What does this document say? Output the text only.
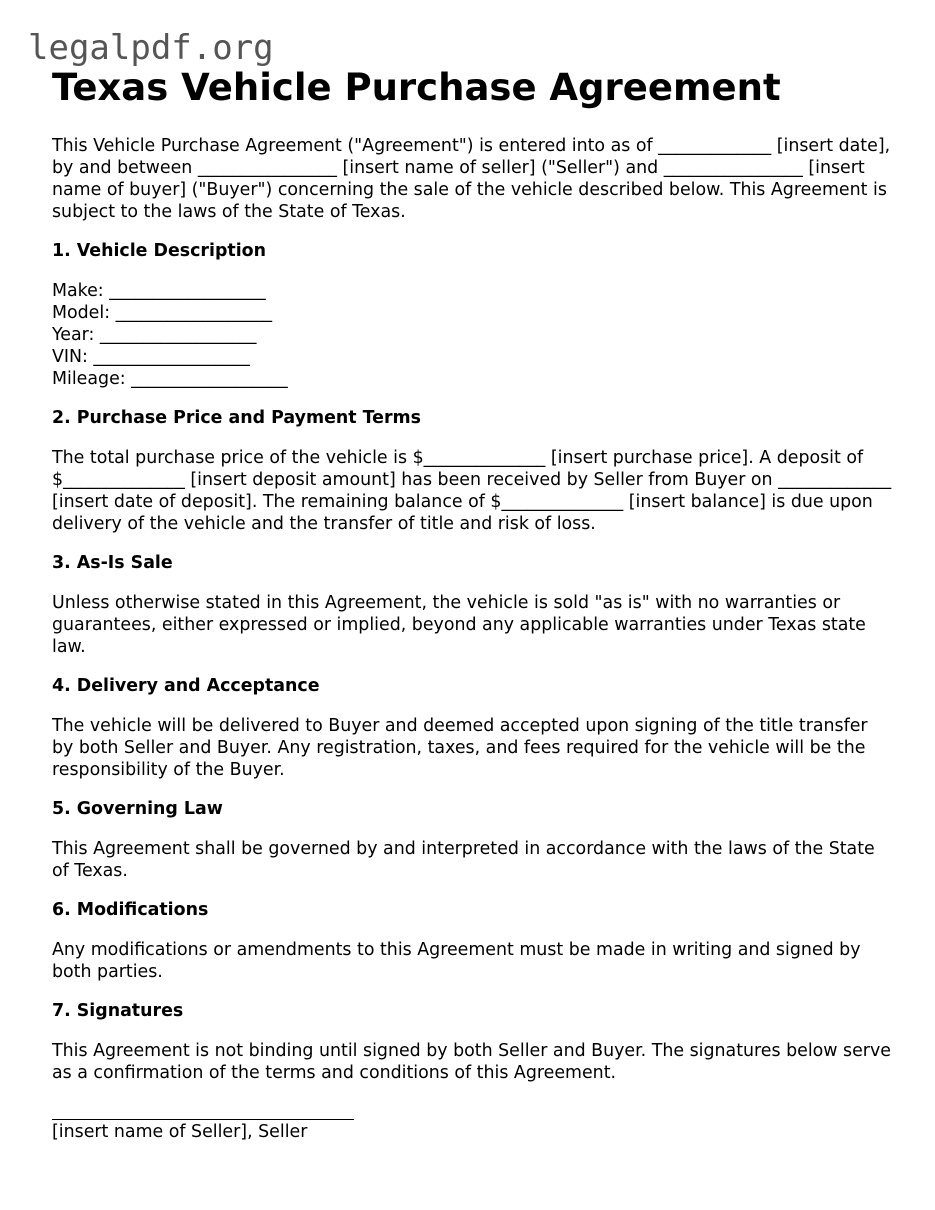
legalpdf.org
Texas Vehicle Purchase Agreement

This Vehicle Purchase Agreement ("Agreement") is entered into as of _____________ [insert date], by and between ________________ [insert name of seller] ("Seller") and ________________ [insert name of buyer] ("Buyer") concerning the sale of the vehicle described below. This Agreement is subject to the laws of the State of Texas.

1. Vehicle Description
Make: __________________
Model: __________________
Year: __________________
VIN: __________________
Mileage: __________________
2. Purchase Price and Payment Terms

The total purchase price of the vehicle is $______________ [insert purchase price]. A deposit of $______________ [insert deposit amount] has been received by Seller from Buyer on _____________ [insert date of deposit]. The remaining balance of $______________ [insert balance] is due upon delivery of the vehicle and the transfer of title and risk of loss.

3. As-Is Sale

Unless otherwise stated in this Agreement, the vehicle is sold "as is" with no warranties or guarantees, either expressed or implied, beyond any applicable warranties under Texas state law.

4. Delivery and Acceptance

The vehicle will be delivered to Buyer and deemed accepted upon signing of the title transfer by both Seller and Buyer. Any registration, taxes, and fees required for the vehicle will be the responsibility of the Buyer.

5. Governing Law

This Agreement shall be governed by and interpreted in accordance with the laws of the State of Texas.

6. Modifications

Any modifications or amendments to this Agreement must be made in writing and signed by both parties.

7. Signatures

This Agreement is not binding until signed by both Seller and Buyer. The signatures below serve as a confirmation of the terms and conditions of this Agreement.

[insert name of Seller], Seller
